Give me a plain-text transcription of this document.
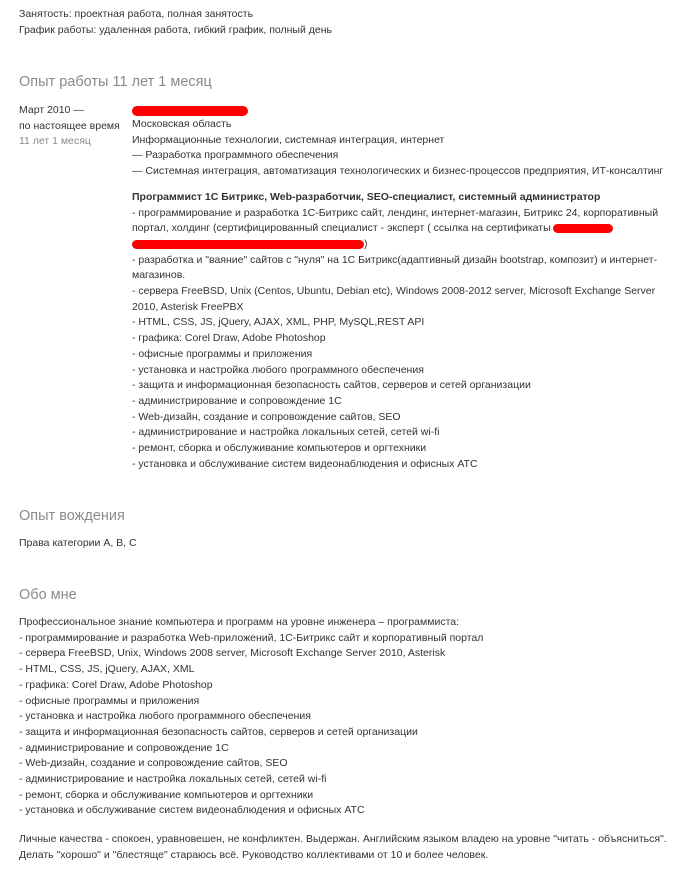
Занятость: проектная работа, полная занятость

График работы: удаленная работа, гибкий график, полный день

Опыт работы 11 лет 1 месяц

Март 2010 —

по настоящее время

11 лет 1 месяц

Московская область

Информационные технологии, системная интеграция, интернет

— Разработка программного обеспечения

— Системная интеграция, автоматизация технологических и бизнес-процессов предприятия, ИТ-консалтинг

Программист 1С Битрикс, Web-разработчик, SEO-специалист, системный администратор

- программирование и разработка 1С-Битрикс сайт, лендинг, интернет-магазин, Битрикс 24, корпоративный портал, холдинг (сертифицированный специалист - эксперт ( ссылка на сертификаты
)

- разработка и "ваяние" сайтов с "нуля" на 1С Битрикс(адаптивный дизайн bootstrap, композит) и интернет-магазинов.

- сервера FreeBSD, Unix (Centos, Ubuntu, Debian etc), Windows 2008-2012 server, Microsoft Exchange Server 2010, Asterisk FreePBX

- HTML, CSS, JS, jQuery, AJAX, XML, PHP, MySQL,REST API

- графика: Corel Draw, Adobe Photoshop

- офисные программы и приложения

- установка и настройка любого программного обеспечения

- защита и информационная безопасность сайтов, серверов и сетей организации

- администрирование и сопровождение 1С

- Web-дизайн, создание и сопровождение сайтов, SEO

- администрирование и настройка локальных сетей, сетей wi-fi

- ремонт, сборка и обслуживание компьютеров и оргтехники

- установка и обслуживание систем видеонаблюдения и офисных АТС

Опыт вождения
Права категории A, B, C
Обо мне

Профессиональное знание компьютера и программ на уровне инженера – программиста:

- программирование и разработка Web-приложений, 1С-Битрикс сайт и корпоративный портал

- сервера FreeBSD, Unix, Windows 2008 server, Microsoft Exchange Server 2010, Asterisk

- HTML, CSS, JS, jQuery, AJAX, XML

- графика: Corel Draw, Adobe Photoshop

- офисные программы и приложения

- установка и настройка любого программного обеспечения

- защита и информационная безопасность сайтов, серверов и сетей организации

- администрирование и сопровождение 1С

- Web-дизайн, создание и сопровождение сайтов, SEO

- администрирование и настройка локальных сетей, сетей wi-fi

- ремонт, сборка и обслуживание компьютеров и оргтехники

- установка и обслуживание систем видеонаблюдения и офисных АТС

Личные качества - спокоен, уравновешен, не конфликтен. Выдержан. Английским языком владею на уровне "читать - объясниться". Делать "хорошо" и "блестяще" стараюсь всё. Руководство коллективами от 10 и более человек.
